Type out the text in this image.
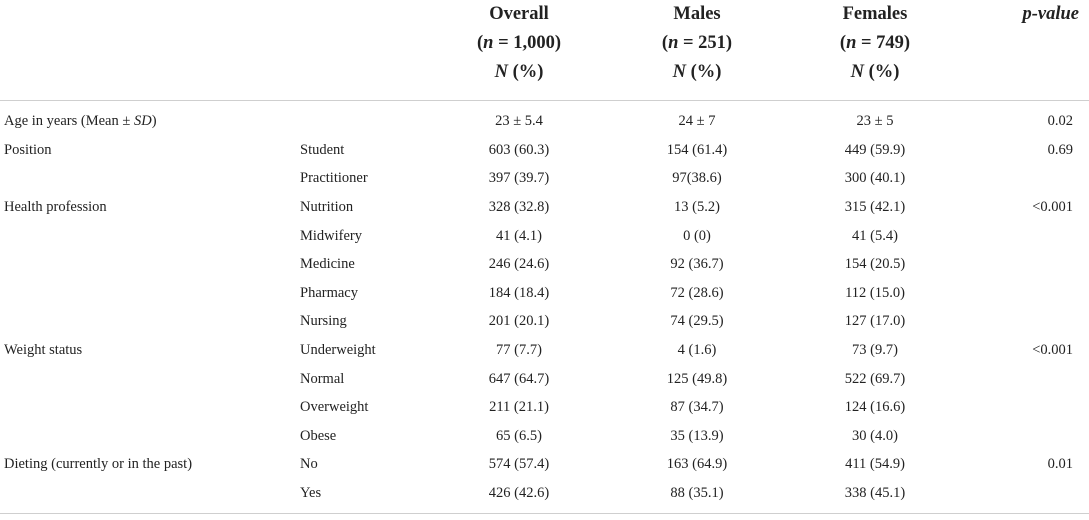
		Overall	Males	Females	p-value
		(n = 1,000)	(n = 251)	(n = 749)	
		N (%)	N (%)	N (%)	
Age in years (Mean ± SD)		23 ± 5.4	24 ± 7	23 ± 5	0.02
Position	Student	603 (60.3)	154 (61.4)	449 (59.9)	0.69
	Practitioner	397 (39.7)	97(38.6)	300 (40.1)	
Health profession	Nutrition	328 (32.8)	13 (5.2)	315 (42.1)	<0.001
	Midwifery	41 (4.1)	0 (0)	41 (5.4)	
	Medicine	246 (24.6)	92 (36.7)	154 (20.5)	
	Pharmacy	184 (18.4)	72 (28.6)	112 (15.0)	
	Nursing	201 (20.1)	74 (29.5)	127 (17.0)	
Weight status	Underweight	77 (7.7)	4 (1.6)	73 (9.7)	<0.001
	Normal	647 (64.7)	125 (49.8)	522 (69.7)	
	Overweight	211 (21.1)	87 (34.7)	124 (16.6)	
	Obese	65 (6.5)	35 (13.9)	30 (4.0)	
Dieting (currently or in the past)	No	574 (57.4)	163 (64.9)	411 (54.9)	0.01
	Yes	426 (42.6)	88 (35.1)	338 (45.1)	
